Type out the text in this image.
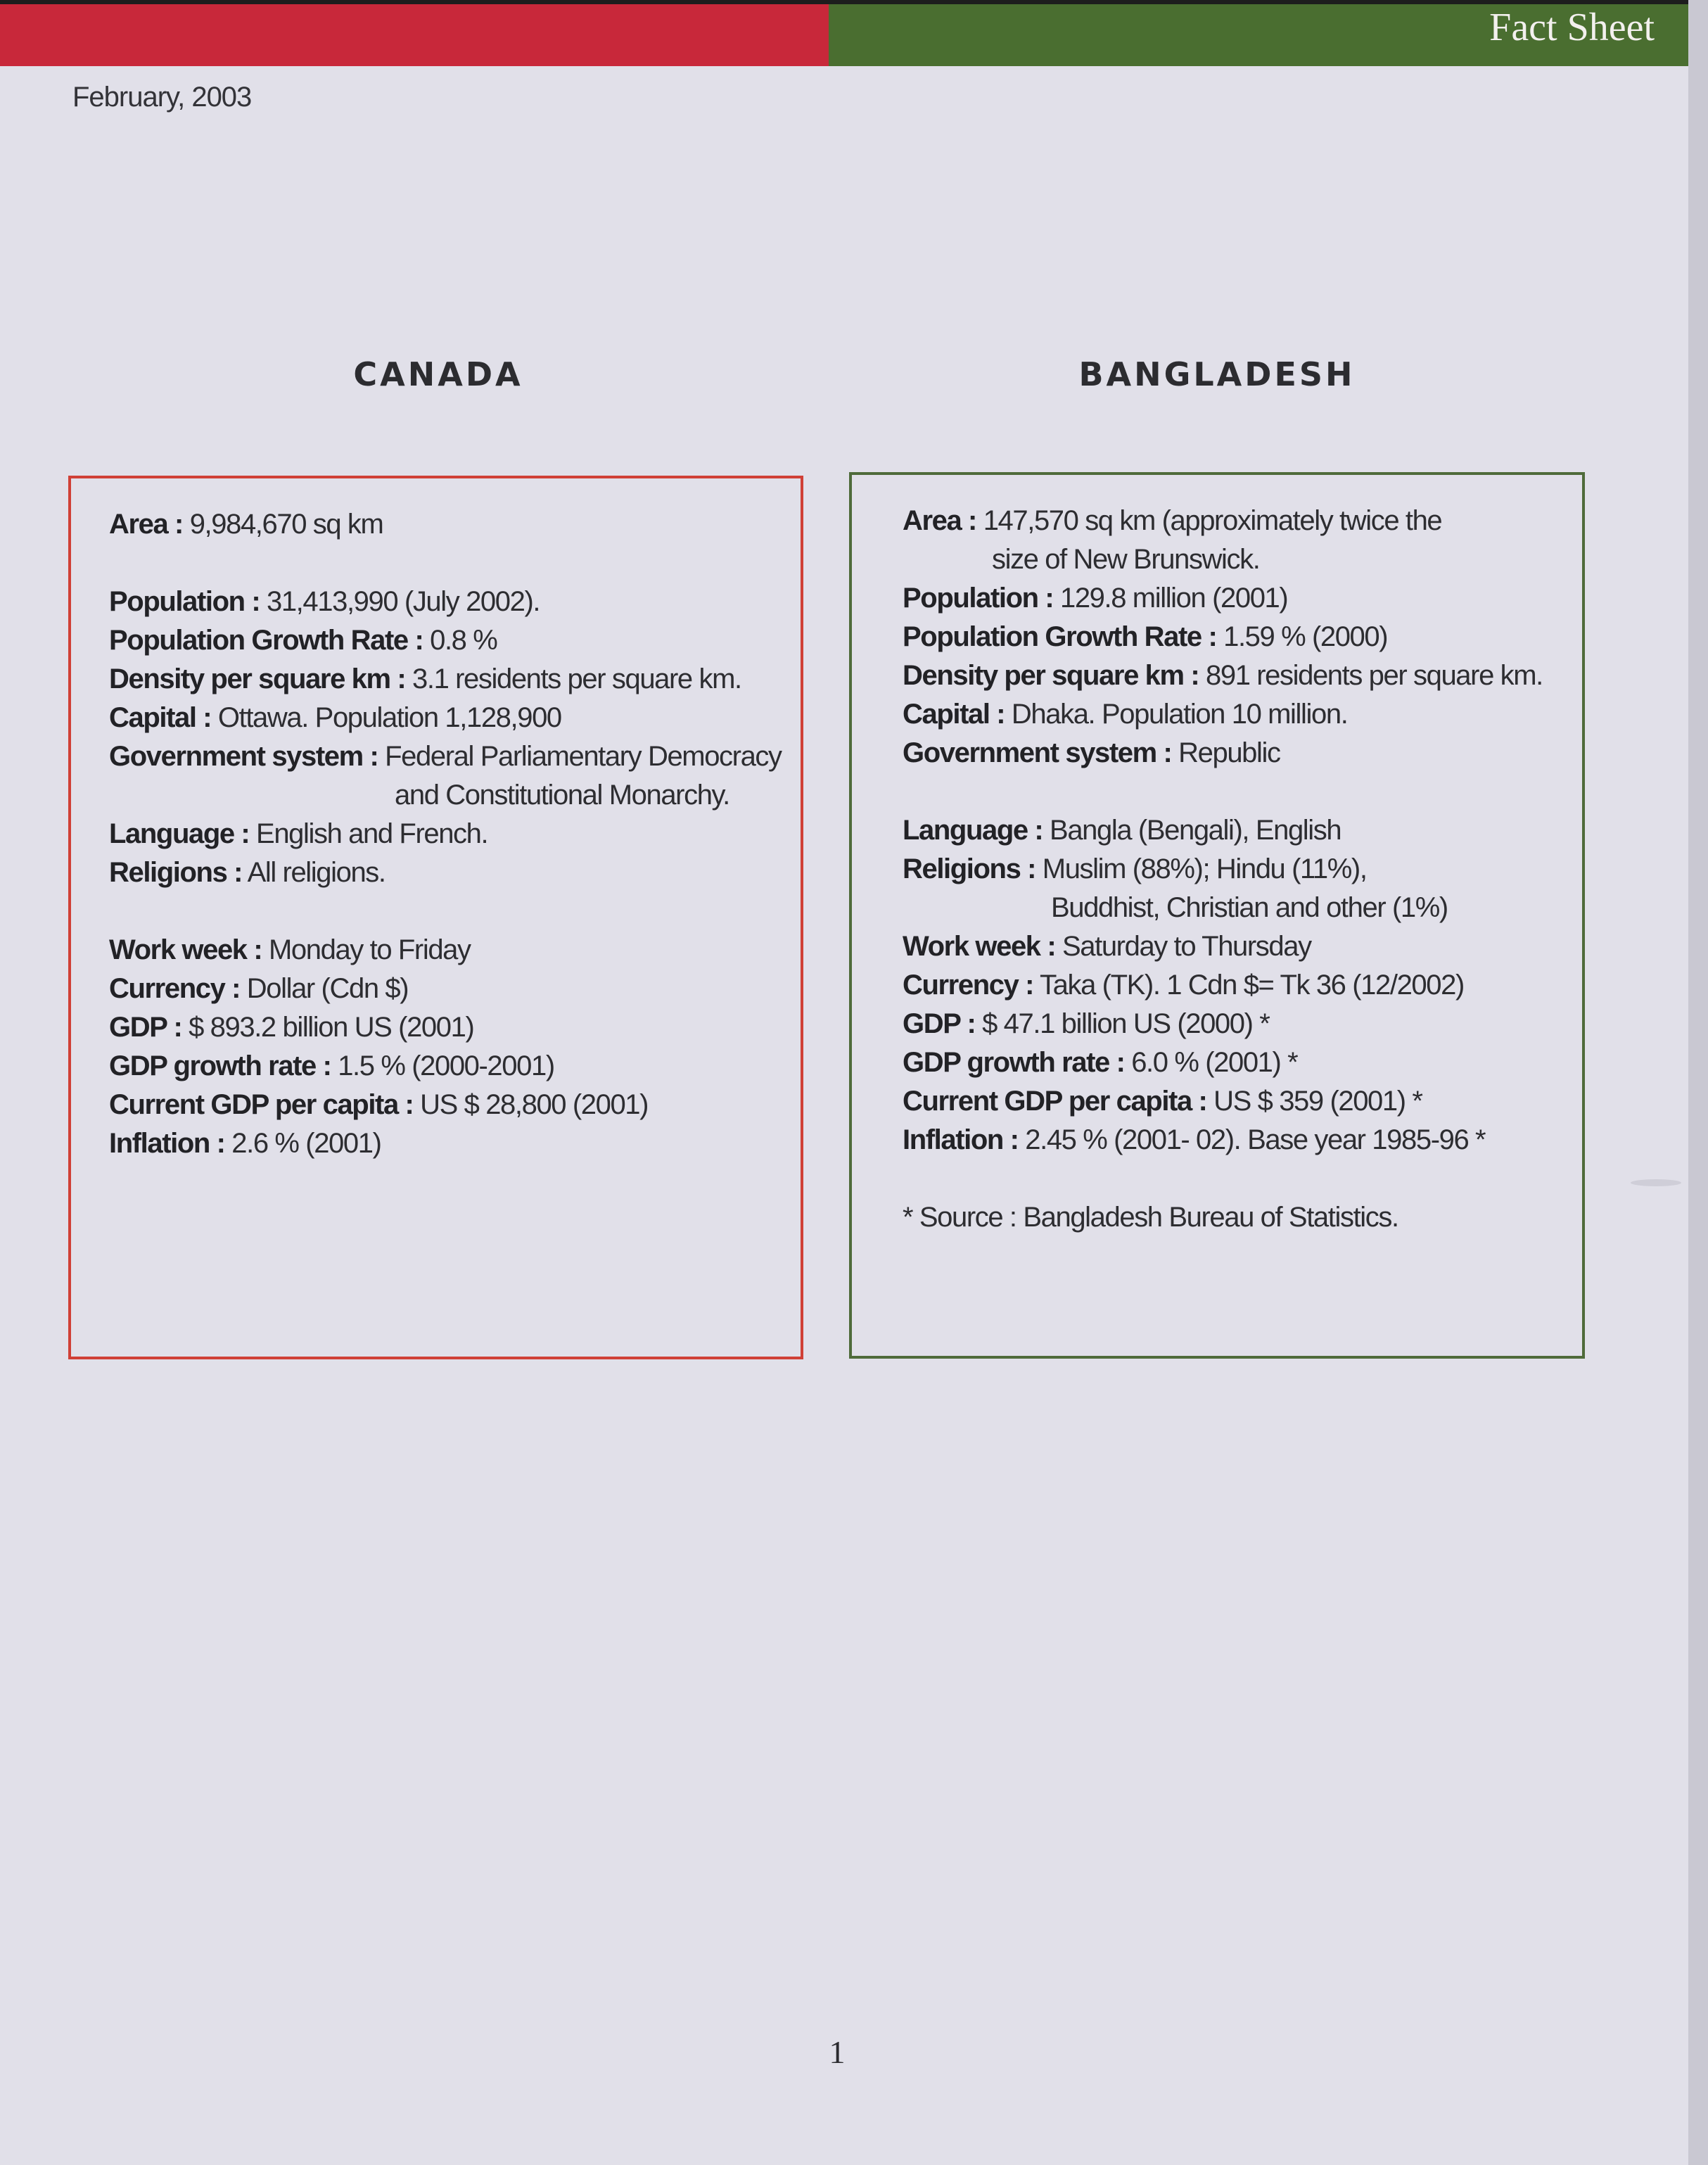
Fact Sheet
February, 2003
CANADA	BANGLADESH
Area : 9,984,670 sq km
Population : 31,413,990 (July 2002).
Population Growth Rate : 0.8 %
Density per square km : 3.1 residents per square km.
Capital : Ottawa. Population 1,128,900
Government system : Federal Parliamentary Democracy
and Constitutional Monarchy.
Language : English and French.
Religions : All religions.
Work week : Monday to Friday
Currency : Dollar (Cdn $)
GDP : $ 893.2 billion US (2001)
GDP growth rate : 1.5 % (2000-2001)
Current GDP per capita : US $ 28,800 (2001)
Inflation : 2.6 % (2001)
Area : 147,570 sq km (approximately twice the
size of New Brunswick.
Population : 129.8 million (2001)
Population Growth Rate : 1.59 % (2000)
Density per square km : 891 residents per square km.
Capital : Dhaka. Population 10 million.
Government system : Republic
Language : Bangla (Bengali), English
Religions : Muslim (88%); Hindu (11%),
Buddhist, Christian and other (1%)
Work week : Saturday to Thursday
Currency : Taka (TK). 1 Cdn $= Tk 36 (12/2002)
GDP : $ 47.1 billion US (2000) *
GDP growth rate : 6.0 % (2001) *
Current GDP per capita : US $ 359 (2001) *
Inflation : 2.45 % (2001- 02). Base year 1985-96 *
* Source : Bangladesh Bureau of Statistics.
1
